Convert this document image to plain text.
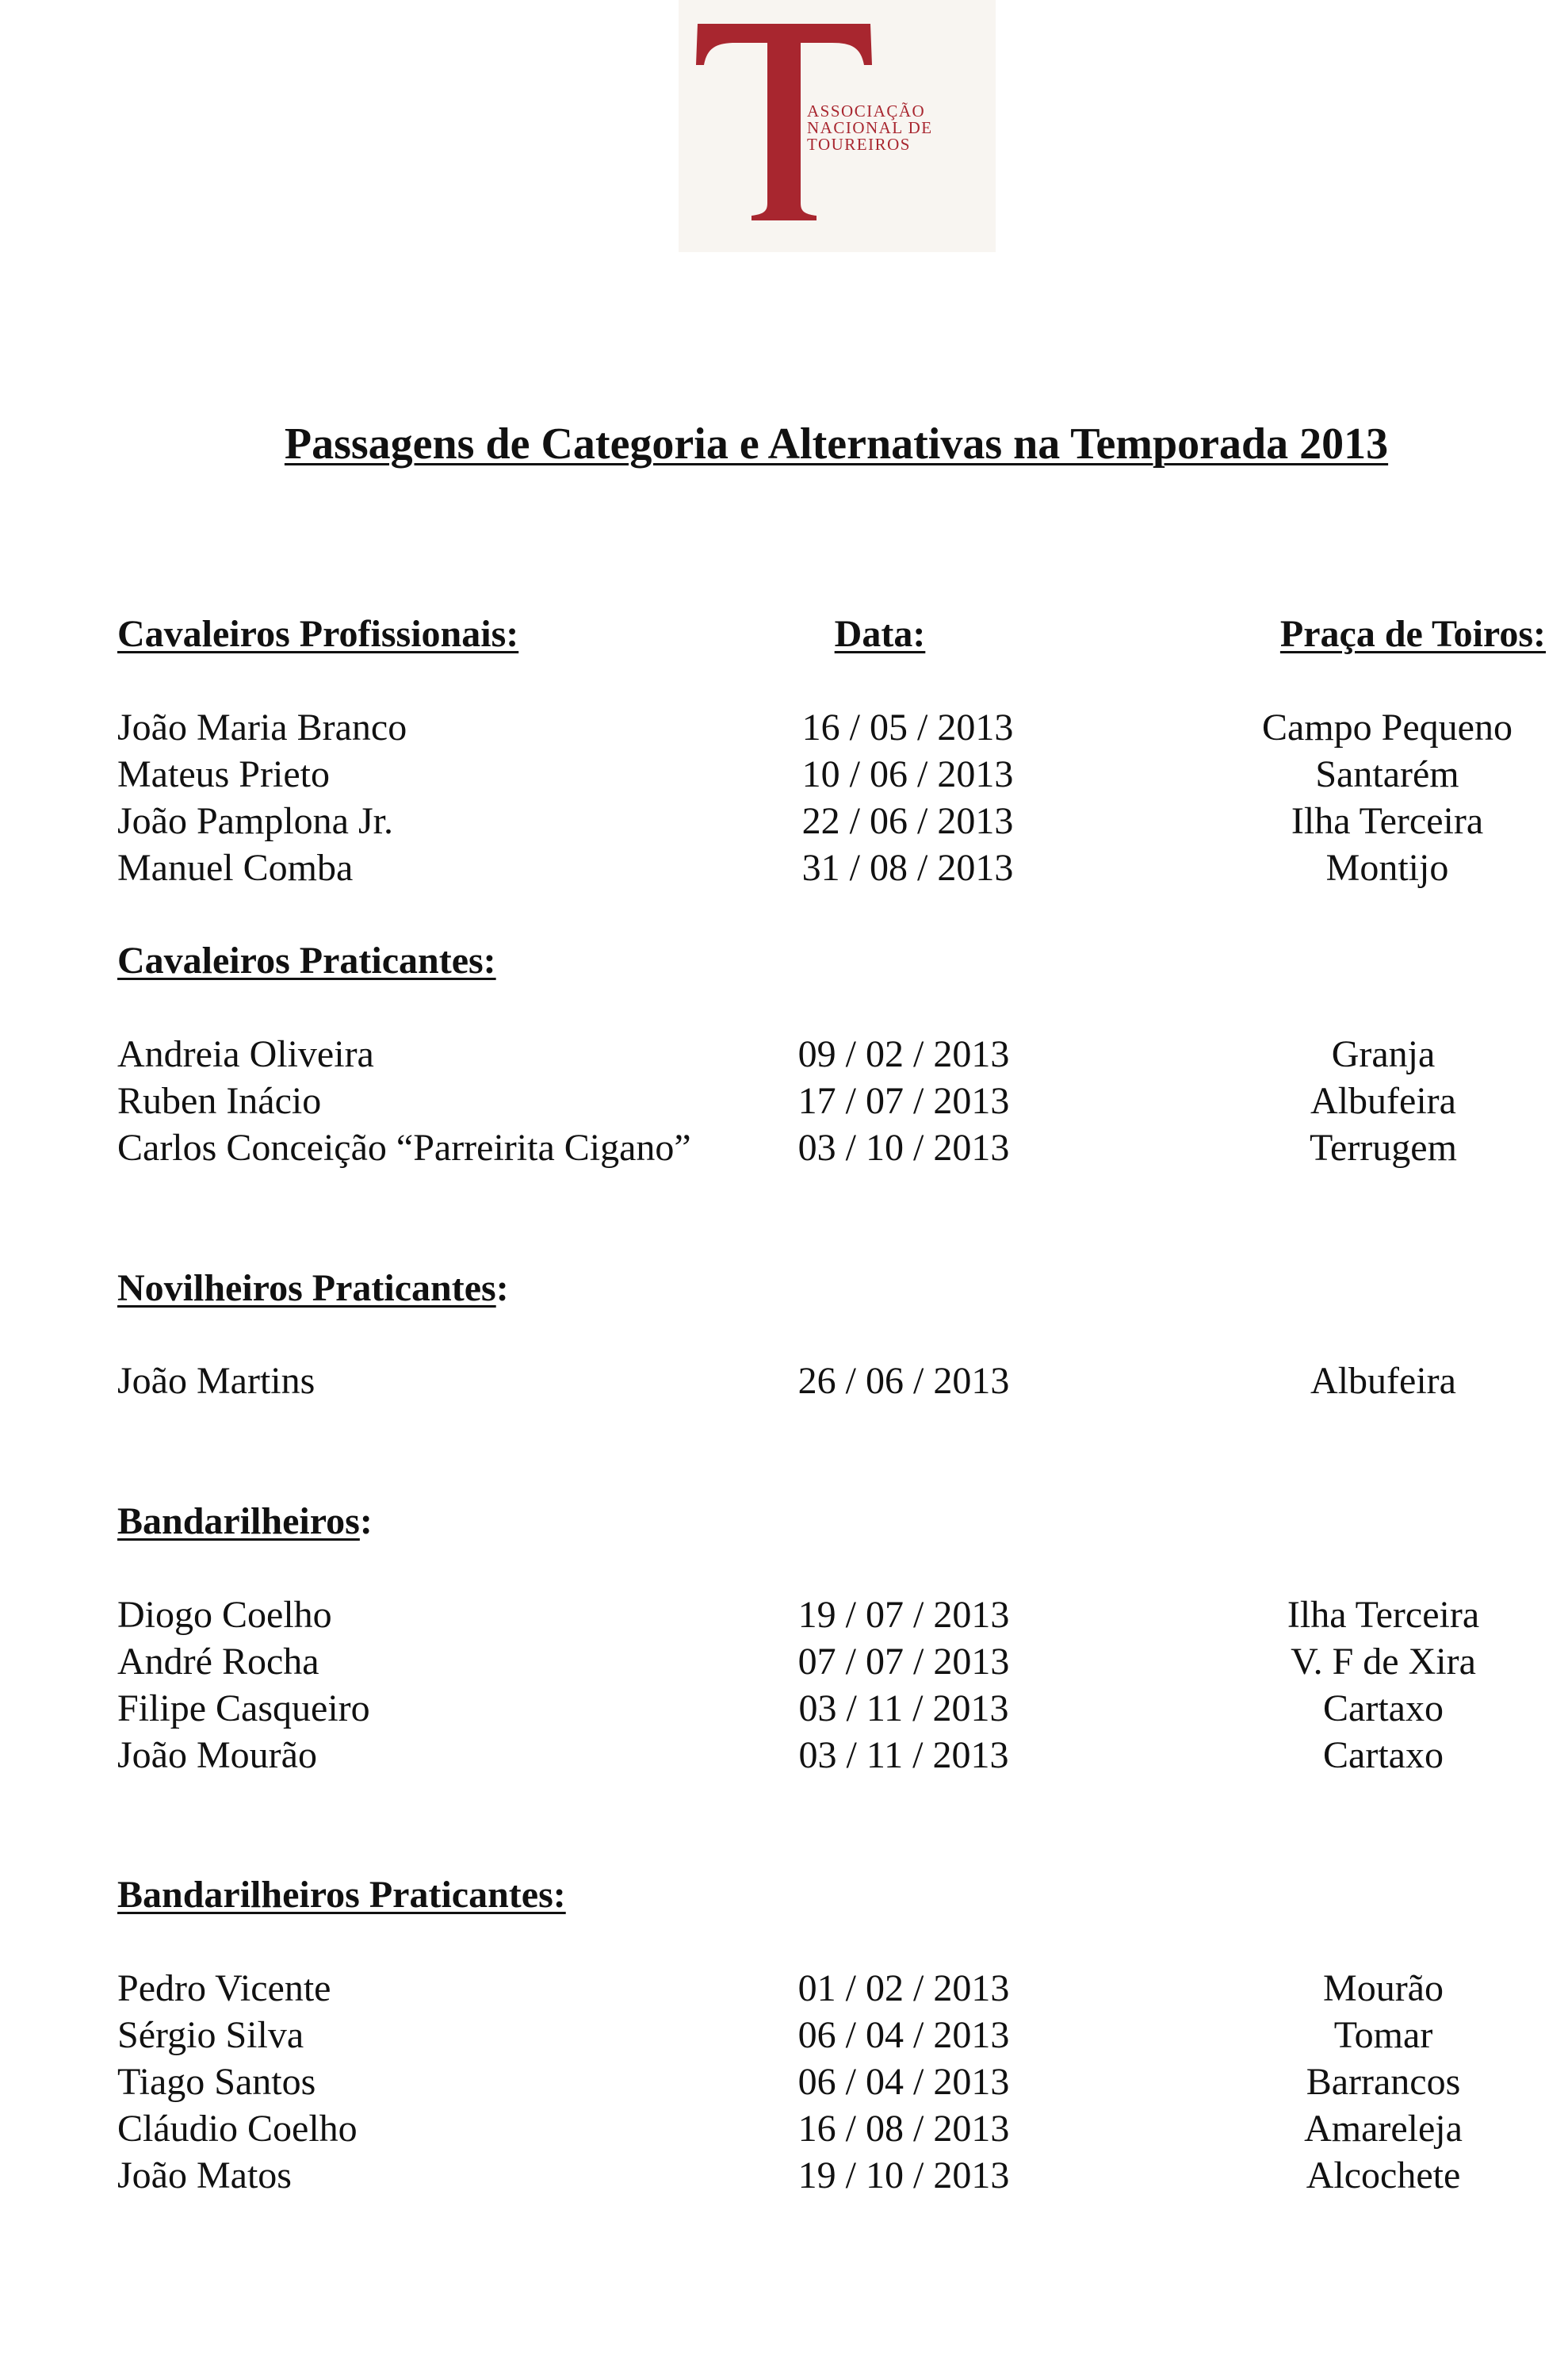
ASSOCIAÇÃO
NACIONAL DE
TOUREIROS
Passagens de Categoria e Alternativas na Temporada 2013
Cavaleiros Profissionais:	Data:	Praça de Toiros:
João Maria Branco	16 / 05 / 2013	Campo Pequeno
Mateus Prieto	10 / 06 / 2013	Santarém
João Pamplona Jr.	22 / 06 / 2013	Ilha Terceira
Manuel Comba	31 / 08 / 2013	Montijo
Cavaleiros Praticantes:
Andreia Oliveira	09 / 02 / 2013	Granja
Ruben Inácio	17 / 07 / 2013	Albufeira
Carlos Conceição “Parreirita Cigano”	03 / 10 / 2013	Terrugem
Novilheiros Praticantes:
João Martins	26 / 06 / 2013	Albufeira
Bandarilheiros:
Diogo Coelho	19 / 07 / 2013	Ilha Terceira
André Rocha	07 / 07 / 2013	V. F de Xira
Filipe Casqueiro	03 / 11 / 2013	Cartaxo
João Mourão	03 / 11 / 2013	Cartaxo
Bandarilheiros Praticantes:
Pedro Vicente	01 / 02 / 2013	Mourão
Sérgio Silva	06 / 04 / 2013	Tomar
Tiago Santos	06 / 04 / 2013	Barrancos
Cláudio Coelho	16 / 08 / 2013	Amareleja
João Matos	19 / 10 / 2013	Alcochete
